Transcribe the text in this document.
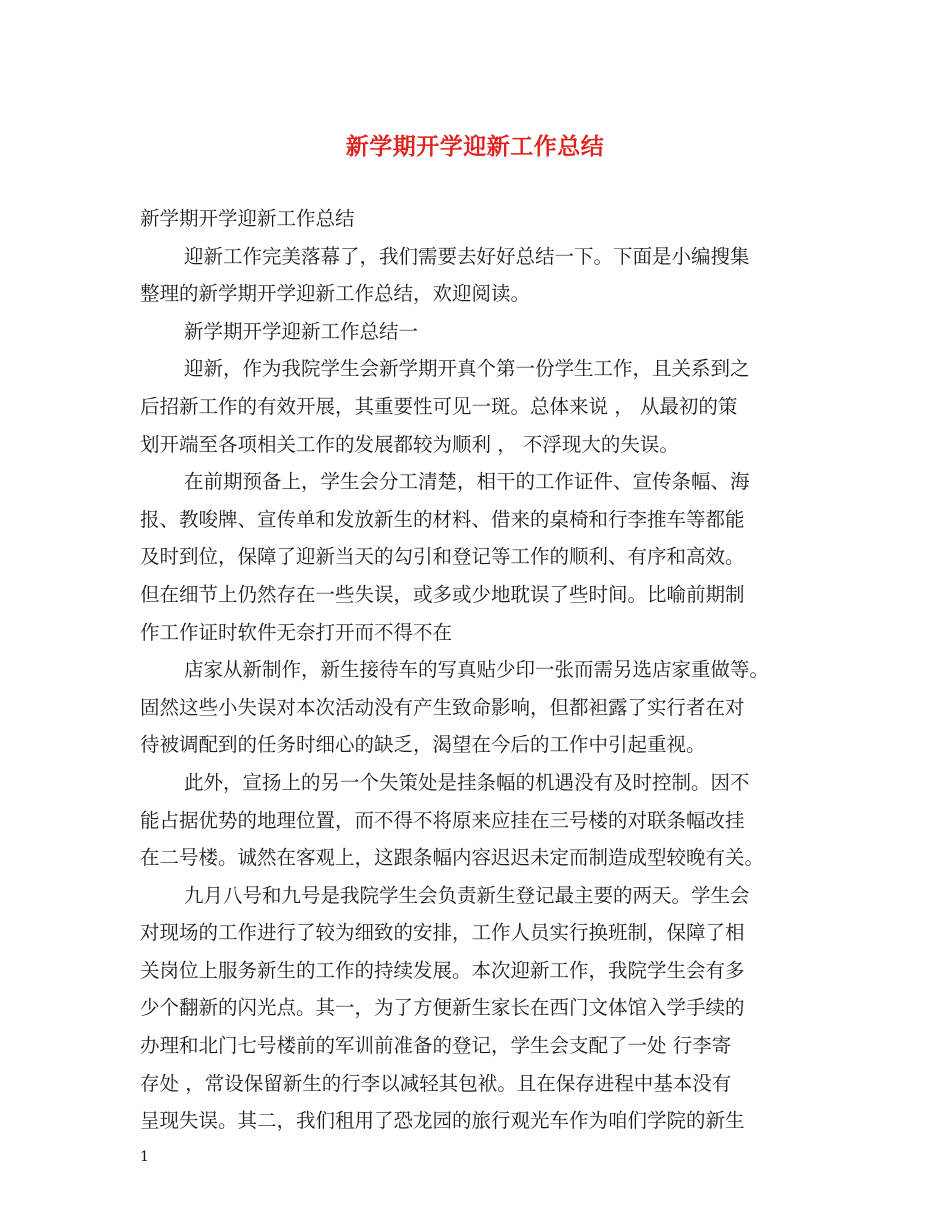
新学期开学迎新工作总结
新学期开学迎新工作总结
迎新工作完美落幕了，我们需要去好好总结一下。下面是小编搜集
整理的新学期开学迎新工作总结，欢迎阅读。
新学期开学迎新工作总结一
迎新，作为我院学生会新学期开真个第一份学生工作，且关系到之
后招新工作的有效开展，其重要性可见一斑。总体来说 ， 从最初的策
划开端至各项相关工作的发展都较为顺利 ， 不浮现大的失误。
在前期预备上，学生会分工清楚，相干的工作证件、宣传条幅、海
报、教唆牌、宣传单和发放新生的材料、借来的桌椅和行李推车等都能
及时到位，保障了迎新当天的勾引和登记等工作的顺利、有序和高效。
但在细节上仍然存在一些失误，或多或少地耽误了些时间。比喻前期制
作工作证时软件无奈打开而不得不在
店家从新制作，新生接待车的写真贴少印一张而需另选店家重做等。
固然这些小失误对本次活动没有产生致命影响，但都袒露了实行者在对
待被调配到的任务时细心的缺乏，渴望在今后的工作中引起重视。
此外，宣扬上的另一个失策处是挂条幅的机遇没有及时控制。因不
能占据优势的地理位置，而不得不将原来应挂在三号楼的对联条幅改挂
在二号楼。诚然在客观上，这跟条幅内容迟迟未定而制造成型较晚有关。
九月八号和九号是我院学生会负责新生登记最主要的两天。学生会
对现场的工作进行了较为细致的安排，工作人员实行换班制，保障了相
关岗位上服务新生的工作的持续发展。本次迎新工作，我院学生会有多
少个翻新的闪光点。其一，为了方便新生家长在西门文体馆入学手续的
办理和北门七号楼前的军训前准备的登记，学生会支配了一处 行李寄
存处 ，常设保留新生的行李以减轻其包袱。且在保存进程中基本没有
呈现失误。其二，我们租用了恐龙园的旅行观光车作为咱们学院的新生
1
